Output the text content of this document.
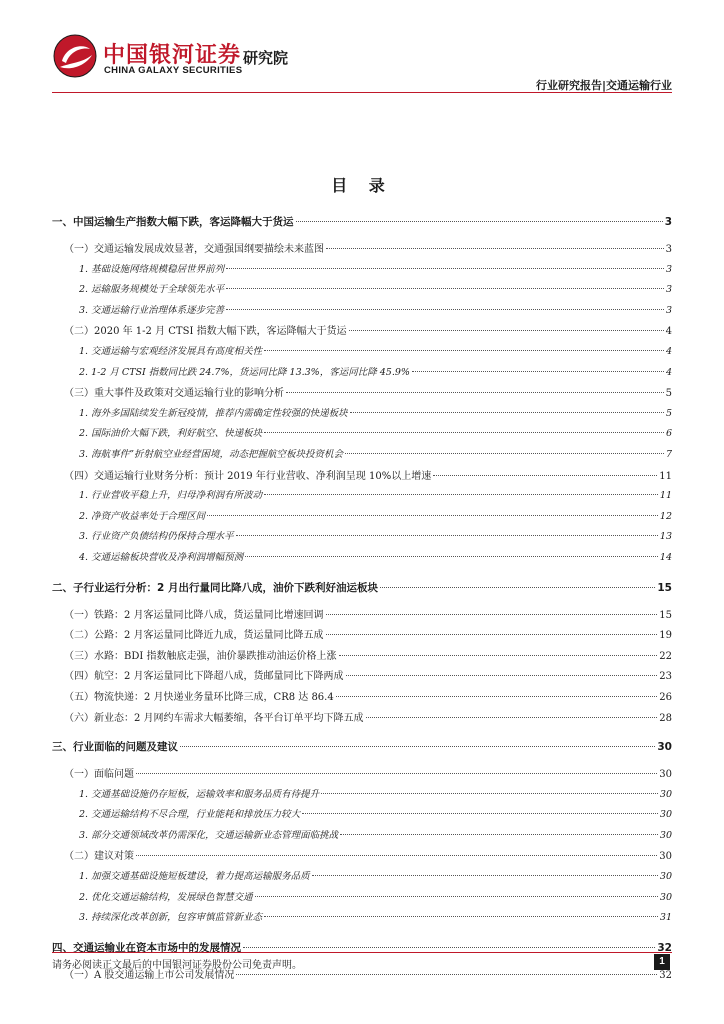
中国银河证券
CHINA GALAXY SECURITIES
研究院
行业研究报告|交通运输行业
目 录
一、中国运输生产指数大幅下跌，客运降幅大于货运	3
（一）交通运输发展成效显著，交通强国纲要描绘未来蓝图	3
1. 基础设施网络规模稳居世界前列	3
2. 运输服务规模处于全球领先水平	3
3. 交通运输行业治理体系逐步完善	3
（二）2020 年 1-2 月 CTSI 指数大幅下跌，客运降幅大于货运	4
1. 交通运输与宏观经济发展具有高度相关性	4
2. 1-2 月 CTSI 指数同比跌 24.7%，货运同比降 13.3%，客运同比降 45.9%	4
（三）重大事件及政策对交通运输行业的影响分析	5
1. 海外多国陆续发生新冠疫情，推荐内需确定性较强的快递板块	5
2. 国际油价大幅下跌，利好航空、快递板块	6
3. 海航事件”折射航空业经营困境，动态把握航空板块投资机会	7
（四）交通运输行业财务分析：预计 2019 年行业营收、净利润呈现 10%以上增速	11
1. 行业营收平稳上升，归母净利润有所波动	11
2. 净资产收益率处于合理区间	12
3. 行业资产负债结构仍保持合理水平	13
4. 交通运输板块营收及净利润增幅预测	14
二、子行业运行分析：2 月出行量同比降八成，油价下跌利好油运板块	15
（一）铁路：2 月客运量同比降八成，货运量同比增速回调	15
（二）公路：2 月客运量同比降近九成，货运量同比降五成	19
（三）水路：BDI 指数触底走强，油价暴跌推动油运价格上涨	22
（四）航空：2 月客运量同比下降超八成，货邮量同比下降两成	23
（五）物流快递：2 月快递业务量环比降三成，CR8 达 86.4	26
（六）新业态：2 月网约车需求大幅萎缩，各平台订单平均下降五成	28
三、行业面临的问题及建议	30
（一）面临问题	30
1. 交通基础设施仍存短板，运输效率和服务品质有待提升	30
2. 交通运输结构不尽合理，行业能耗和排放压力较大	30
3. 部分交通领域改革仍需深化，交通运输新业态管理面临挑战	30
（二）建议对策	30
1. 加强交通基础设施短板建设，着力提高运输服务品质	30
2. 优化交通运输结构，发展绿色智慧交通	30
3. 持续深化改革创新，包容审慎监管新业态	31
四、交通运输业在资本市场中的发展情况	32
（一）A 股交通运输上市公司发展情况	32
请务必阅读正文最后的中国银河证券股份公司免责声明。	1
